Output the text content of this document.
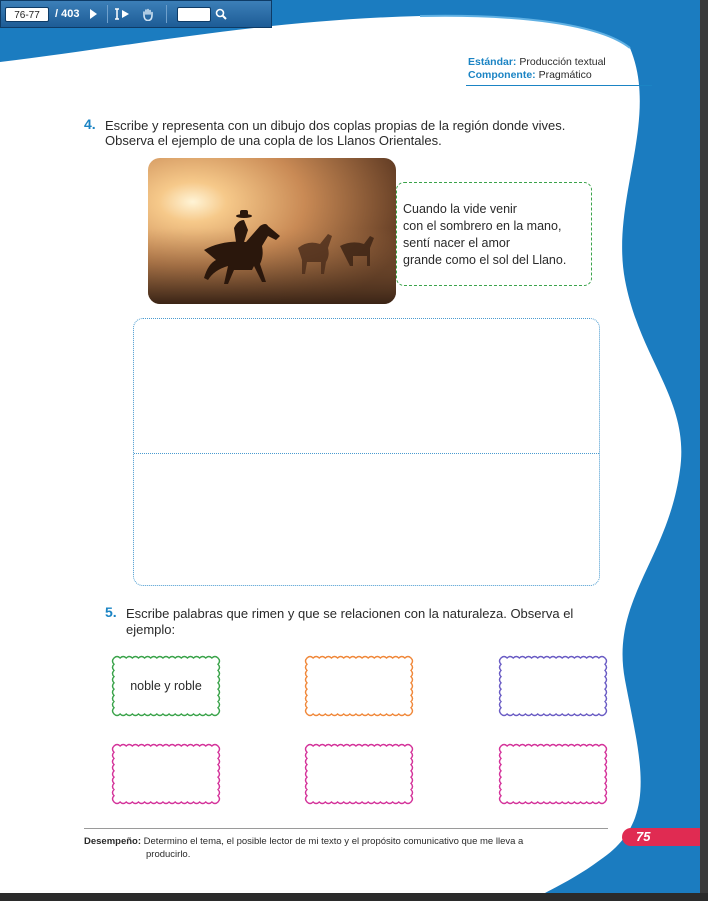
76-77	/ 403
Estándar: Producción textual
Componente: Pragmático
4. Escribe y representa con un dibujo dos coplas propias de la región donde vives.
Observa el ejemplo de una copla de los Llanos Orientales.
Cuando la vide venir
con el sombrero en la mano,
sentí nacer el amor
grande como el sol del Llano.
5. Escribe palabras que rimen y que se relacionen con la naturaleza. Observa el
ejemplo:
noble y roble
Desempeño: Determino el tema, el posible lector de mi texto y el propósito comunicativo que me lleva a
producirlo.
75
